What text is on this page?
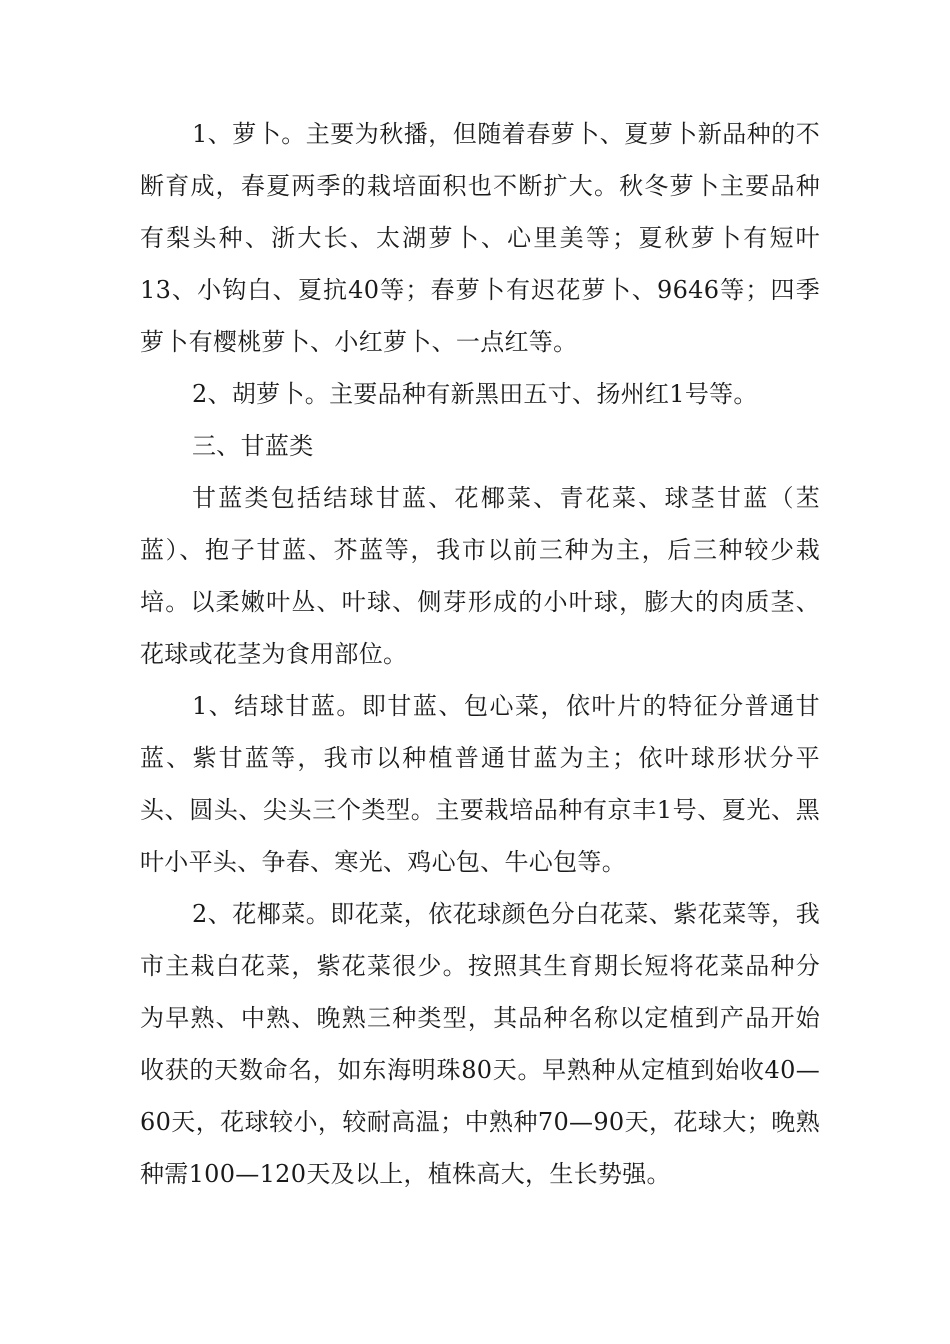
1、萝卜。主要为秋播，但随着春萝卜、夏萝卜新品种的不断育成，春夏两季的栽培面积也不断扩大。秋冬萝卜主要品种有梨头种、浙大长、太湖萝卜、心里美等；夏秋萝卜有短叶13、小钩白、夏抗40等；春萝卜有迟花萝卜、9646等；四季萝卜有樱桃萝卜、小红萝卜、一点红等。

2、胡萝卜。主要品种有新黑田五寸、扬州红1号等。

三、甘蓝类

甘蓝类包括结球甘蓝、花椰菜、青花菜、球茎甘蓝（苤蓝）、抱子甘蓝、芥蓝等，我市以前三种为主，后三种较少栽培。以柔嫩叶丛、叶球、侧芽形成的小叶球，膨大的肉质茎、花球或花茎为食用部位。

1、结球甘蓝。即甘蓝、包心菜，依叶片的特征分普通甘蓝、紫甘蓝等，我市以种植普通甘蓝为主；依叶球形状分平头、圆头、尖头三个类型。主要栽培品种有京丰1号、夏光、黑叶小平头、争春、寒光、鸡心包、牛心包等。

2、花椰菜。即花菜，依花球颜色分白花菜、紫花菜等，我市主栽白花菜，紫花菜很少。按照其生育期长短将花菜品种分为早熟、中熟、晚熟三种类型，其品种名称以定植到产品开始收获的天数命名，如东海明珠80天。早熟种从定植到始收40—60天，花球较小，较耐高温；中熟种70—90天，花球大；晚熟种需100—120天及以上，植株高大，生长势强。
